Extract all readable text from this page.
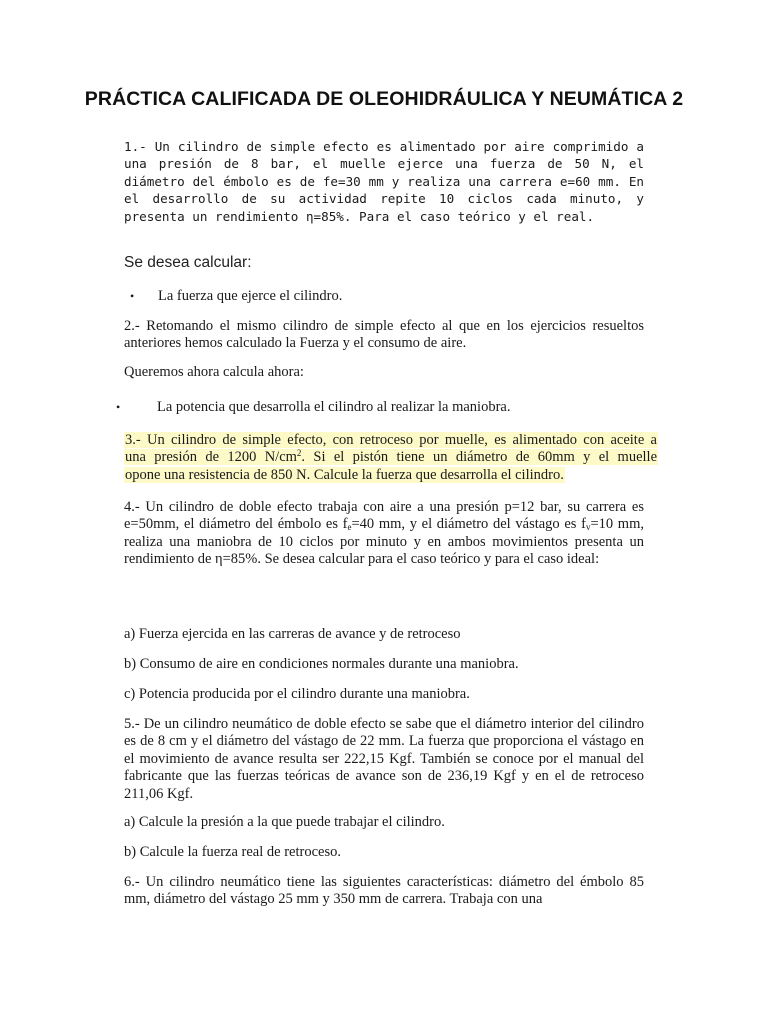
PRÁCTICA CALIFICADA DE OLEOHIDRÁULICA Y NEUMÁTICA 2

1.- Un cilindro de simple efecto es alimentado por aire comprimido a una presión de 8 bar, el muelle ejerce una fuerza de 50 N, el diámetro del émbolo es de fe=30 mm y realiza una carrera e=60 mm. En el desarrollo de su actividad repite 10 ciclos cada minuto, y presenta un rendimiento η=85%. Para el caso teórico y el real.

Se desea calcular:
• La fuerza que ejerce el cilindro.

2.- Retomando el mismo cilindro de simple efecto al que en los ejercicios resueltos anteriores hemos calculado la Fuerza y el consumo de aire.

Queremos ahora calcula ahora:

•	La potencia que desarrolla el cilindro al realizar la maniobra.
3.- Un cilindro de simple efecto, con retroceso por muelle, es alimentado con aceite a
una presión de 1200 $N/cm^2$. Si el pistón tiene un diámetro de 60mm y el muelle
opone una resistencia de 850 N. Calcule la fuerza que desarrolla el cilindro.

4.- Un cilindro de doble efecto trabaja con aire a una presión p=12 bar, su carrera es e=50mm, el diámetro del émbolo es $f_e=40$ mm, y el diámetro del vástago es $f_v=10$ mm, realiza una maniobra de 10 ciclos por minuto y en ambos movimientos presenta un rendimiento de η=85%. Se desea calcular para el caso teórico y para el caso ideal:

a) Fuerza ejercida en las carreras de avance y de retroceso

b) Consumo de aire en condiciones normales durante una maniobra.

c) Potencia producida por el cilindro durante una maniobra.

5.- De un cilindro neumático de doble efecto se sabe que el diámetro interior del cilindro es de 8 cm y el diámetro del vástago de 22 mm. La fuerza que proporciona el vástago en el movimiento de avance resulta ser 222,15 Kgf. También se conoce por el manual del fabricante que las fuerzas teóricas de avance son de 236,19 Kgf y en el de retroceso 211,06 Kgf.

a) Calcule la presión a la que puede trabajar el cilindro.

b) Calcule la fuerza real de retroceso.

6.- Un cilindro neumático tiene las siguientes características: diámetro del émbolo 85 mm, diámetro del vástago 25 mm y 350 mm de carrera. Trabaja con una
